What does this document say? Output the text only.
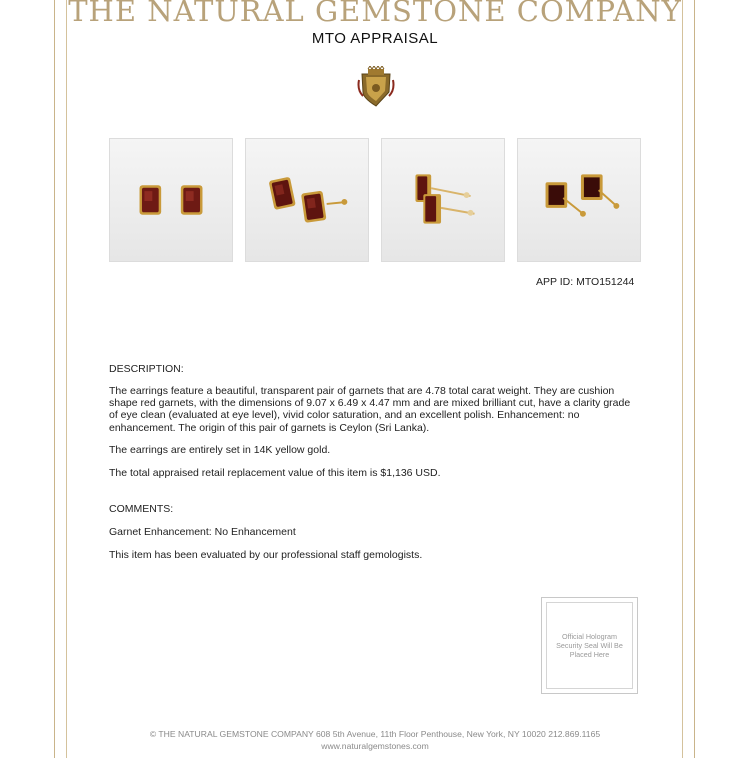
THE NATURAL GEMSTONE COMPANY
MTO APPRAISAL
APP ID: MTO151244
DESCRIPTION:
The earrings feature a beautiful, transparent pair of garnets that are 4.78 total carat weight. They are cushion shape red garnets, with the dimensions of 9.07 x 6.49 x 4.47 mm and are mixed brilliant cut, have a clarity grade of eye clean (evaluated at eye level), vivid color saturation, and an excellent polish. Enhancement: no enhancement. The origin of this pair of garnets is Ceylon (Sri Lanka).
The earrings are entirely set in 14K yellow gold.
The total appraised retail replacement value of this item is $1,136 USD.
COMMENTS:
Garnet Enhancement: No Enhancement
This item has been evaluated by our professional staff gemologists.
Official Hologram Security Seal Will Be Placed Here
© THE NATURAL GEMSTONE COMPANY 608 5th Avenue, 11th Floor Penthouse, New York, NY 10020 212.869.1165
www.naturalgemstones.com
